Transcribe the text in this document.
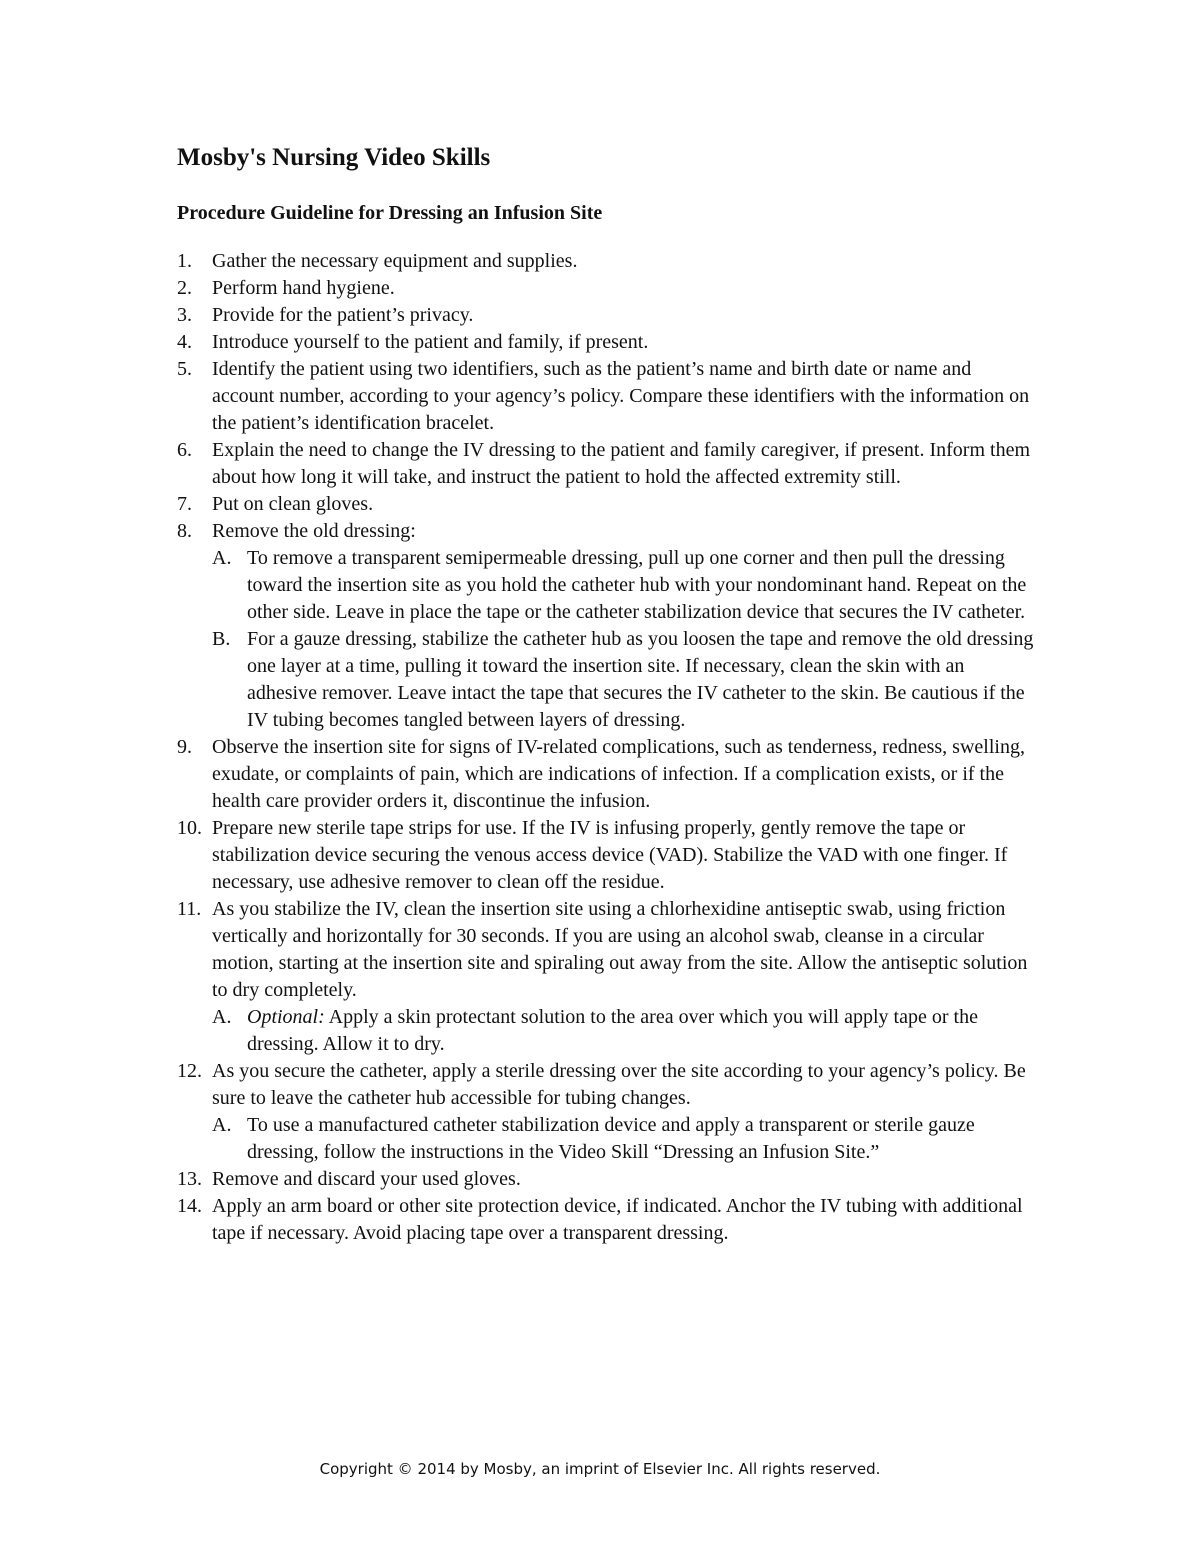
Mosby's Nursing Video Skills
Procedure Guideline for Dressing an Infusion Site
1.	Gather the necessary equipment and supplies.
2.	Perform hand hygiene.
3.	Provide for the patient’s privacy.
4.	Introduce yourself to the patient and family, if present.
5.	Identify the patient using two identifiers, such as the patient’s name and birth date or name and account number, according to your agency’s policy. Compare these identifiers with the information on the patient’s identification bracelet.
6.	Explain the need to change the IV dressing to the patient and family caregiver, if present. Inform them about how long it will take, and instruct the patient to hold the affected extremity still.
7.	Put on clean gloves.
8.	Remove the old dressing:
A. To remove a transparent semipermeable dressing, pull up one corner and then pull the dressing toward the insertion site as you hold the catheter hub with your nondominant hand. Repeat on the other side. Leave in place the tape or the catheter stabilization device that secures the IV catheter.
B. For a gauze dressing, stabilize the catheter hub as you loosen the tape and remove the old dressing one layer at a time, pulling it toward the insertion site. If necessary, clean the skin with an adhesive remover. Leave intact the tape that secures the IV catheter to the skin. Be cautious if the IV tubing becomes tangled between layers of dressing.
9.	Observe the insertion site for signs of IV-related complications, such as tenderness, redness, swelling, exudate, or complaints of pain, which are indications of infection. If a complication exists, or if the health care provider orders it, discontinue the infusion.
10. Prepare new sterile tape strips for use. If the IV is infusing properly, gently remove the tape or stabilization device securing the venous access device (VAD). Stabilize the VAD with one finger. If necessary, use adhesive remover to clean off the residue.
11. As you stabilize the IV, clean the insertion site using a chlorhexidine antiseptic swab, using friction vertically and horizontally for 30 seconds. If you are using an alcohol swab, cleanse in a circular motion, starting at the insertion site and spiraling out away from the site. Allow the antiseptic solution to dry completely.
A. Optional: Apply a skin protectant solution to the area over which you will apply tape or the dressing. Allow it to dry.
12. As you secure the catheter, apply a sterile dressing over the site according to your agency’s policy. Be sure to leave the catheter hub accessible for tubing changes.
A. To use a manufactured catheter stabilization device and apply a transparent or sterile gauze dressing, follow the instructions in the Video Skill “Dressing an Infusion Site.”
13. Remove and discard your used gloves.
14. Apply an arm board or other site protection device, if indicated. Anchor the IV tubing with additional tape if necessary. Avoid placing tape over a transparent dressing.
Copyright © 2014 by Mosby, an imprint of Elsevier Inc. All rights reserved.
